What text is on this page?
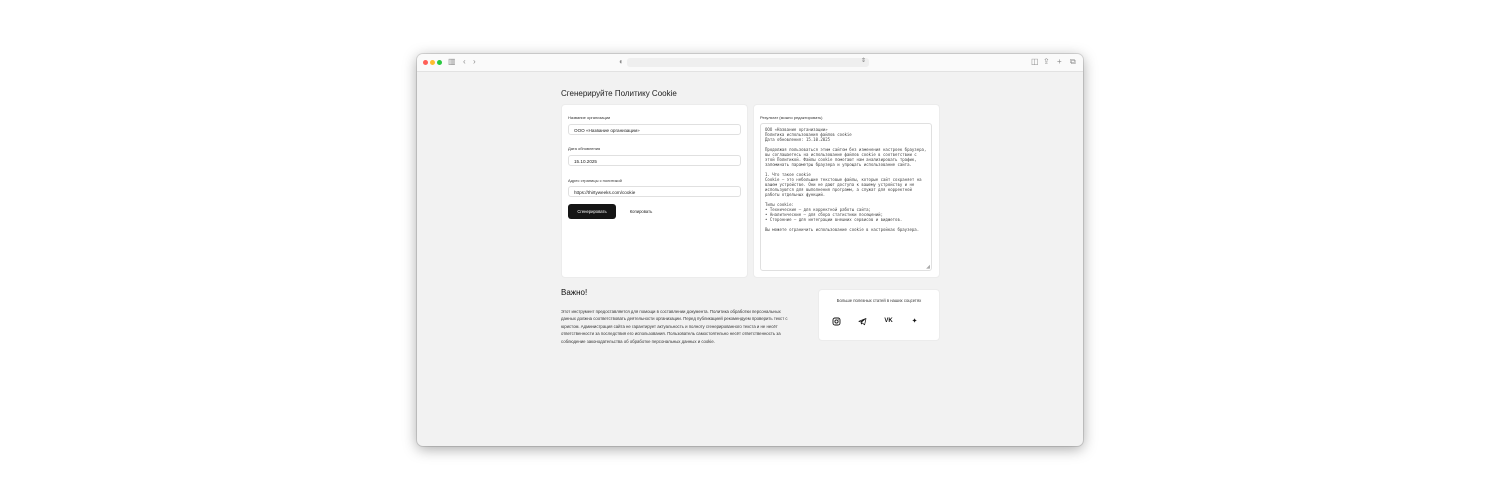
▥ ‹ ›	◐	⇕	◫ ⇪ + ⧉
Сгенерируйте Политику Cookie
Название организации
ООО «Название организации»
Дата обновления
15.10.2025
Адрес страницы с политикой
https://thirtyweeks.com/cookie
Сгенерировать	Копировать
Результат (можно редактировать)
ООО «Название организации»
Политика использования файлов cookie
Дата обновления: 15.10.2025

Продолжая пользоваться этим сайтом без изменения настроек браузера, вы соглашаетесь на использование файлов cookie в соответствии с этой Политикой. Файлы cookie помогают нам анализировать трафик, запоминать параметры браузера и упрощать использование сайта.

1. Что такое cookie
Cookie — это небольшие текстовые файлы, которые сайт сохраняет на вашем устройстве. Они не дают доступа к вашему устройству и не используются для выполнения программ, а служат для корректной работы отдельных функций.

Типы cookie:
• Технические — для корректной работы сайта;
• Аналитические — для сбора статистики посещений;
• Сторонние — для интеграции внешних сервисов и виджетов.

Вы можете ограничить использование cookie в настройках браузера.
◢
Важно!
Этот инструмент предоставляется для помощи в составлении документа. Политика обработки персональных данных должна соответствовать деятельности организации. Перед публикацией рекомендуем проверить текст с юристом. Администрация сайта не гарантирует актуальность и полноту сгенерированного текста и не несёт ответственности за последствия его использования. Пользователь самостоятельно несёт ответственность за соблюдение законодательства об обработке персональных данных и cookie.
Больше полезных статей в наших соцсетях
VK	✦
